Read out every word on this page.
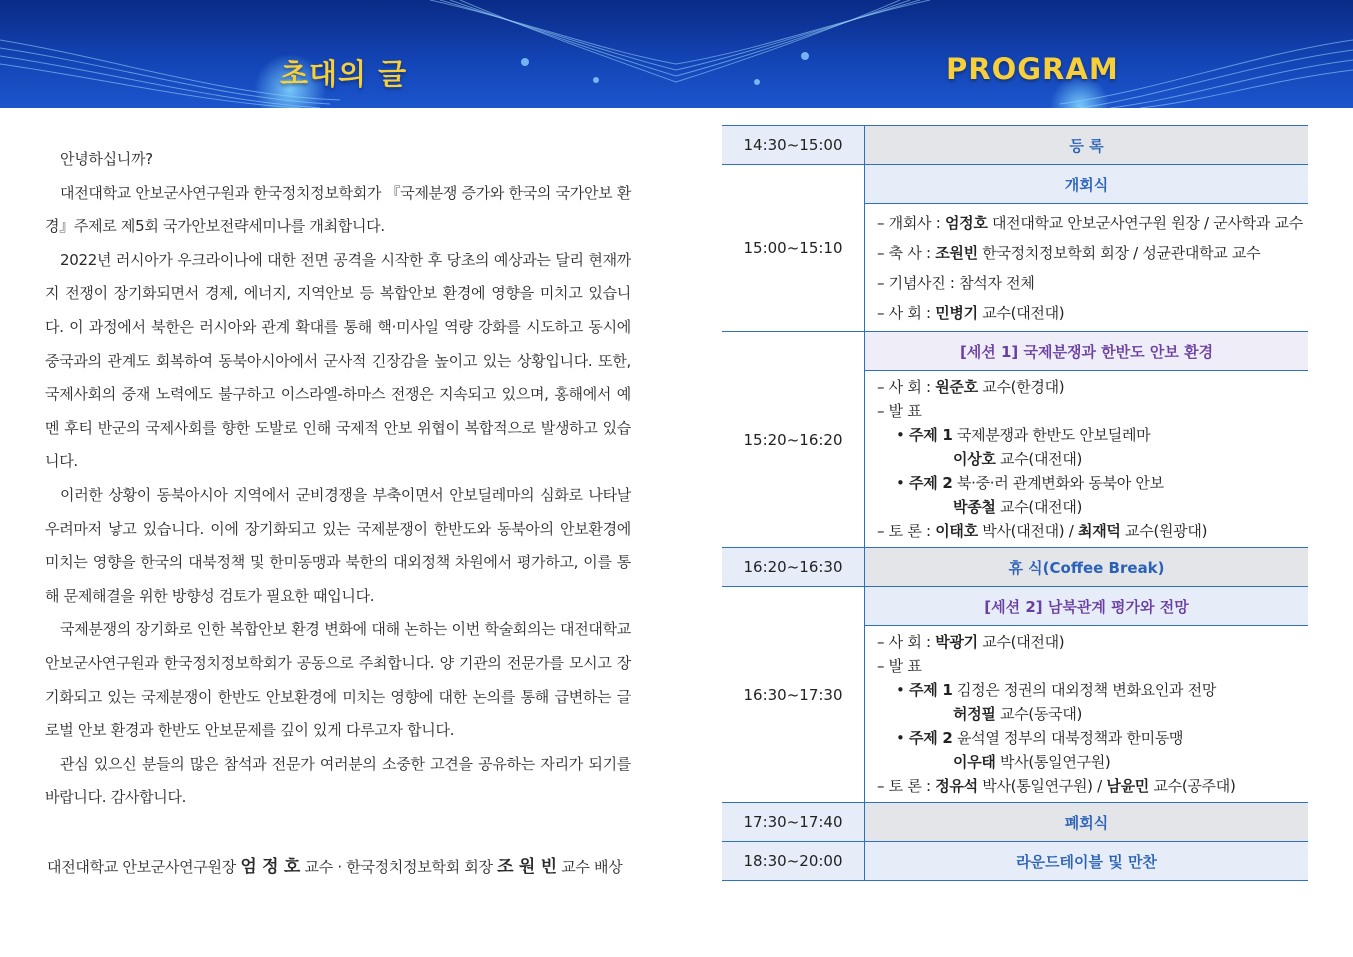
초대의 글	PROGRAM

안녕하십니까?

대전대학교 안보군사연구원과 한국정치정보학회가 『국제분쟁 증가와 한국의 국가안보 환경』주제로 제5회 국가안보전략세미나를 개최합니다.

2022년 러시아가 우크라이나에 대한 전면 공격을 시작한 후 당초의 예상과는 달리 현재까지 전쟁이 장기화되면서 경제, 에너지, 지역안보 등 복합안보 환경에 영향을 미치고 있습니다. 이 과정에서 북한은 러시아와 관계 확대를 통해 핵·미사일 역량 강화를 시도하고 동시에 중국과의 관계도 회복하여 동북아시아에서 군사적 긴장감을 높이고 있는 상황입니다. 또한, 국제사회의 중재 노력에도 불구하고 이스라엘-하마스 전쟁은 지속되고 있으며, 홍해에서 예멘 후티 반군의 국제사회를 향한 도발로 인해 국제적 안보 위협이 복합적으로 발생하고 있습니다.

이러한 상황이 동북아시아 지역에서 군비경쟁을 부축이면서 안보딜레마의 심화로 나타날 우려마저 낳고 있습니다. 이에 장기화되고 있는 국제분쟁이 한반도와 동북아의 안보환경에 미치는 영향을 한국의 대북정책 및 한미동맹과 북한의 대외정책 차원에서 평가하고, 이를 통해 문제해결을 위한 방향성 검토가 필요한 때입니다.

국제분쟁의 장기화로 인한 복합안보 환경 변화에 대해 논하는 이번 학술회의는 대전대학교 안보군사연구원과 한국정치정보학회가 공동으로 주최합니다. 양 기관의 전문가를 모시고 장기화되고 있는 국제분쟁이 한반도 안보환경에 미치는 영향에 대한 논의를 통해 급변하는 글로벌 안보 환경과 한반도 안보문제를 깊이 있게 다루고자 합니다.

관심 있으신 분들의 많은 참석과 전문가 여러분의 소중한 고견을 공유하는 자리가 되기를 바랍니다. 감사합니다.

대전대학교 안보군사연구원장 엄 정 호 교수 · 한국정치정보학회 회장 조 원 빈 교수 배상
14:30~15:00	등 록
15:00~15:10
개회식
– 개회사 : 엄정호 대전대학교 안보군사연구원 원장 / 군사학과 교수
– 축 사 : 조원빈 한국정치정보학회 회장 / 성균관대학교 교수
– 기념사진 : 참석자 전체
– 사 회 : 민병기 교수(대전대)
15:20~16:20
[세션 1] 국제분쟁과 한반도 안보 환경
– 사 회 : 원준호 교수(한경대)
– 발 표
• 주제 1 국제분쟁과 한반도 안보딜레마
이상호 교수(대전대)
• 주제 2 북·중·러 관계변화와 동북아 안보
박종철 교수(대전대)
– 토 론 : 이태호 박사(대전대) / 최재덕 교수(원광대)
16:20~16:30	휴 식(Coffee Break)
16:30~17:30
[세션 2] 남북관계 평가와 전망
– 사 회 : 박광기 교수(대전대)
– 발 표
• 주제 1 김정은 정권의 대외정책 변화요인과 전망
허정필 교수(동국대)
• 주제 2 윤석열 정부의 대북정책과 한미동맹
이우태 박사(통일연구원)
– 토 론 : 정유석 박사(통일연구원) / 남윤민 교수(공주대)
17:30~17:40	폐회식
18:30~20:00	라운드테이블 및 만찬
